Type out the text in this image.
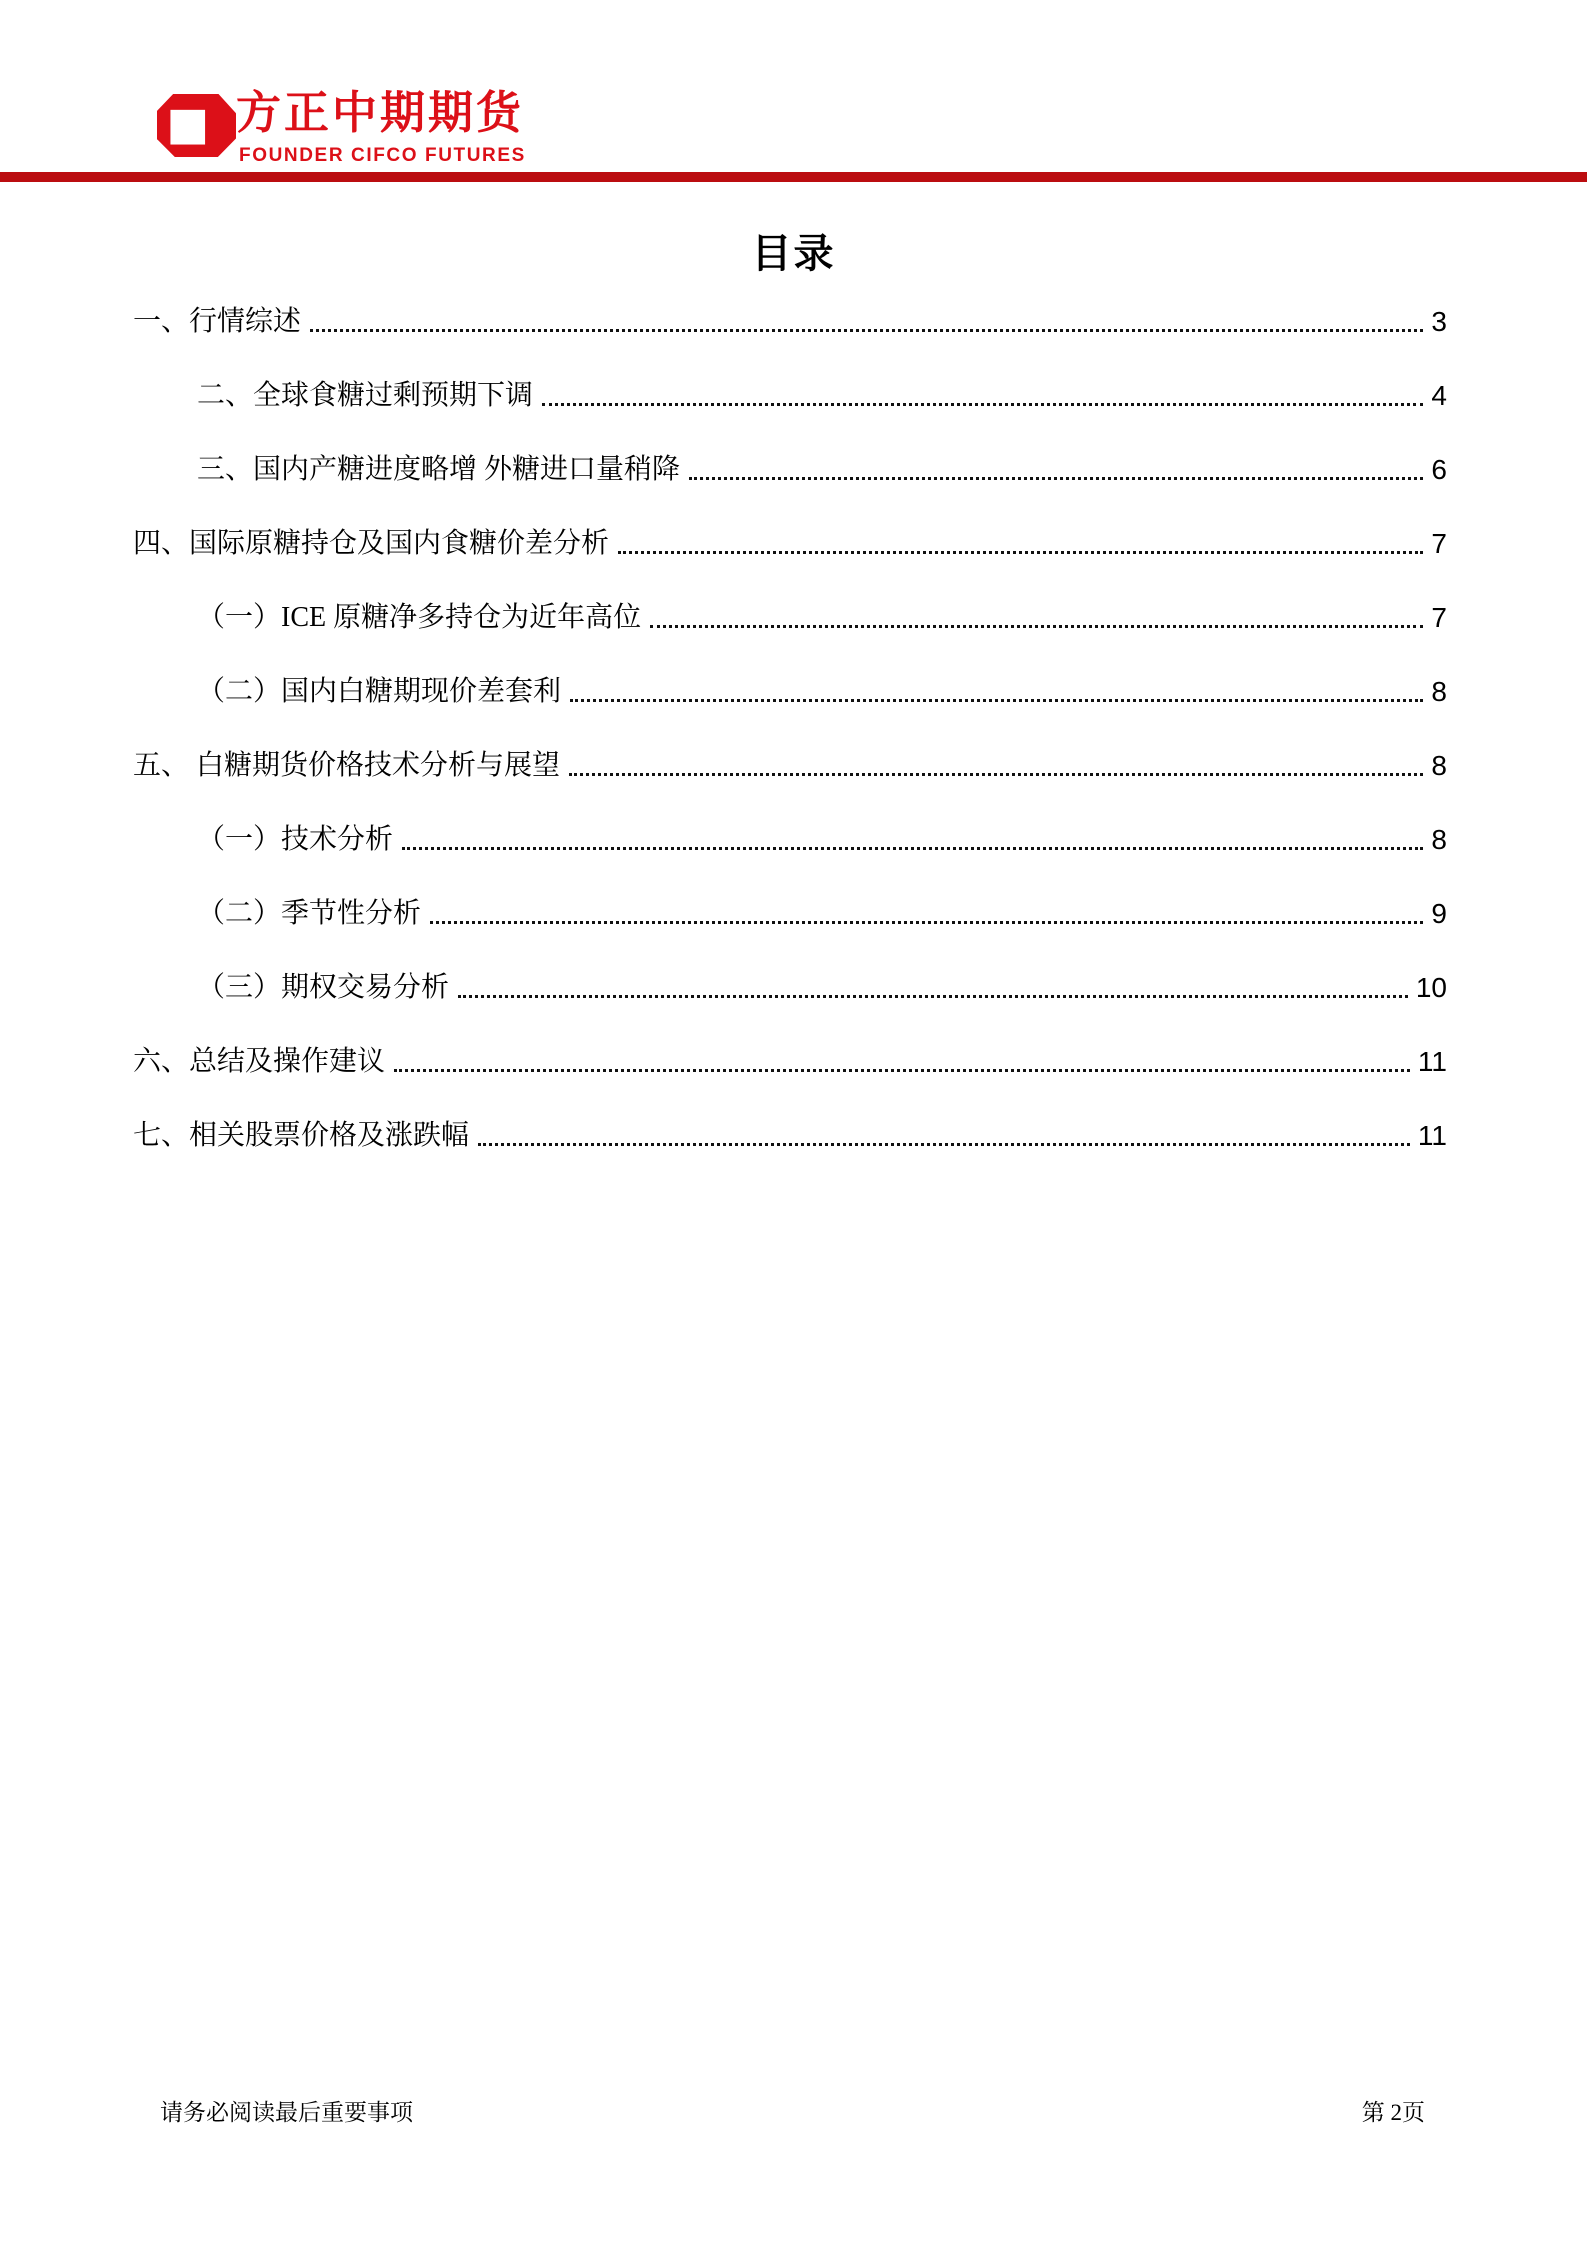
方正中期期货
FOUNDER CIFCO FUTURES
目录
一、行情综述	3
二、全球食糖过剩预期下调	4
三、国内产糖进度略增 外糖进口量稍降	6
四、国际原糖持仓及国内食糖价差分析	7
（一）ICE 原糖净多持仓为近年高位	7
（二）国内白糖期现价差套利	8
五、 白糖期货价格技术分析与展望	8
（一）技术分析	8
（二）季节性分析	9
（三）期权交易分析	10
六、总结及操作建议	11
七、相关股票价格及涨跌幅	11
请务必阅读最后重要事项	第 2页
